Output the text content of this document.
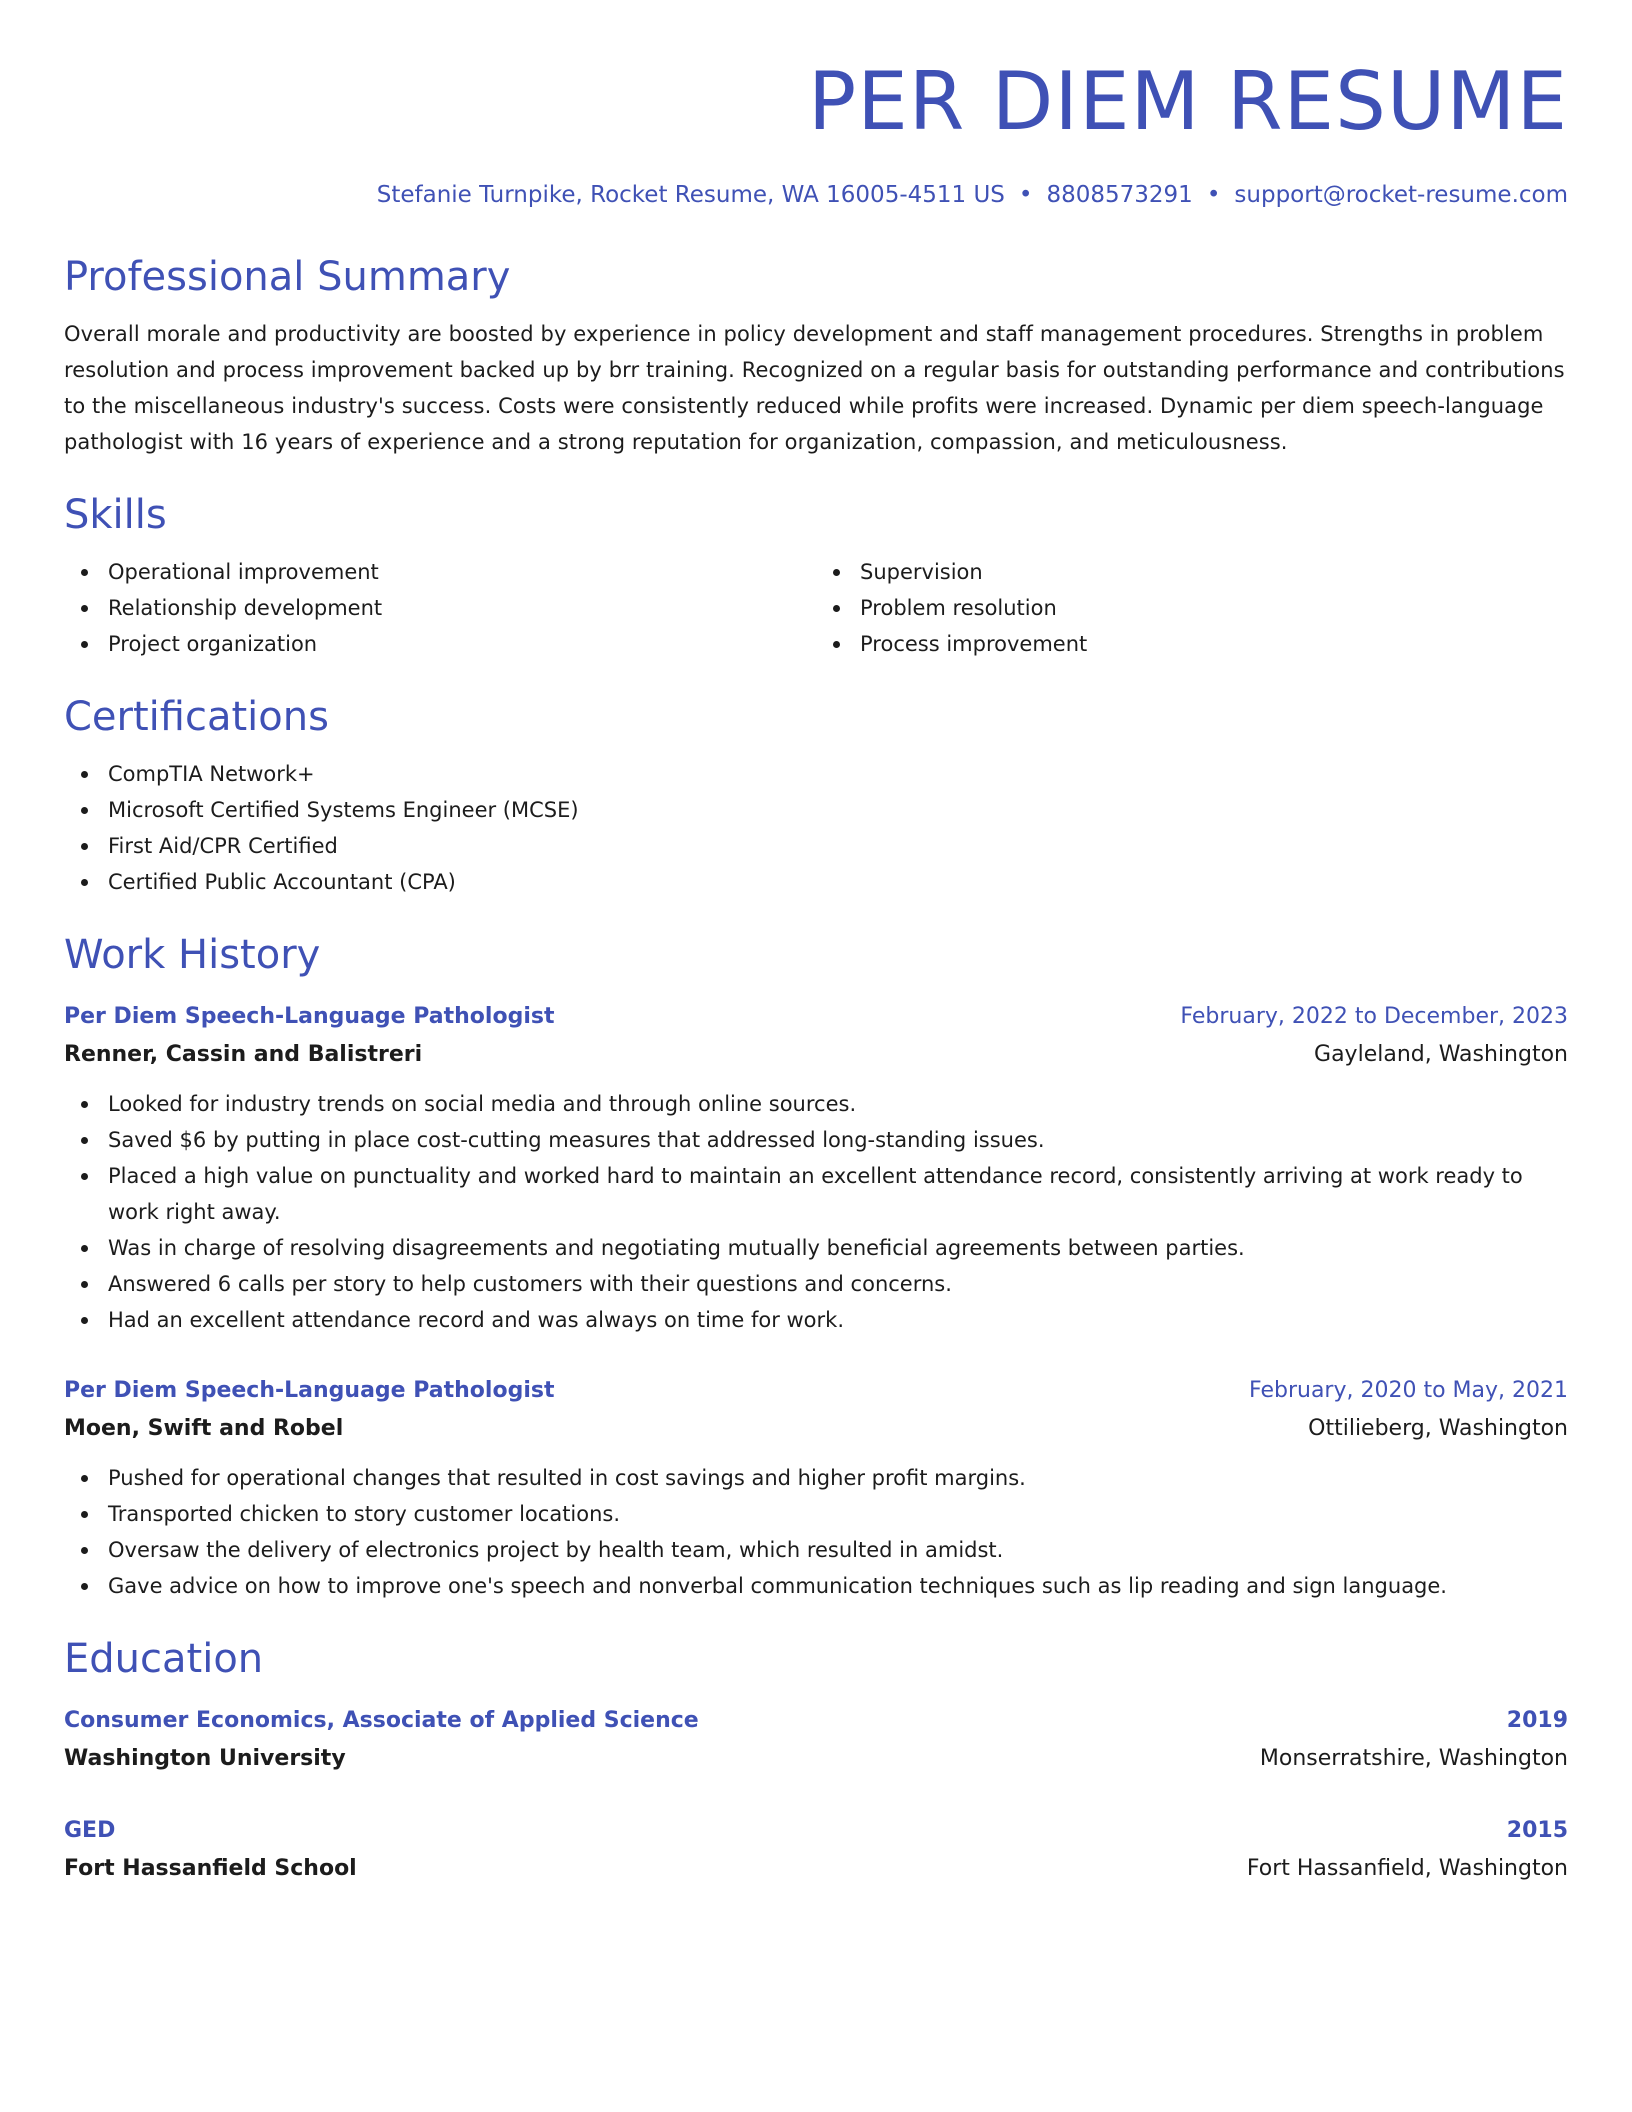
PER DIEM RESUME
Stefanie Turnpike, Rocket Resume, WA 16005-4511 US • 8808573291 • support@rocket-resume.com
Professional Summary

Overall morale and productivity are boosted by experience in policy development and staff management procedures. Strengths in problem resolution and process improvement backed up by brr training. Recognized on a regular basis for outstanding performance and contributions to the miscellaneous industry's success. Costs were consistently reduced while profits were increased. Dynamic per diem speech-language pathologist with 16 years of experience and a strong reputation for organization, compassion, and meticulousness.

Skills
Operational improvement
Relationship development
Project organization
Supervision
Problem resolution
Process improvement
Certifications
CompTIA Network+
Microsoft Certified Systems Engineer (MCSE)
First Aid/CPR Certified
Certified Public Accountant (CPA)
Work History
Per Diem Speech-Language Pathologist	February, 2022 to December, 2023
Renner, Cassin and Balistreri	Gayleland, Washington
Looked for industry trends on social media and through online sources.
Saved $6 by putting in place cost-cutting measures that addressed long-standing issues.
Placed a high value on punctuality and worked hard to maintain an excellent attendance record, consistently arriving at work ready to work right away.
Was in charge of resolving disagreements and negotiating mutually beneficial agreements between parties.
Answered 6 calls per story to help customers with their questions and concerns.
Had an excellent attendance record and was always on time for work.
Per Diem Speech-Language Pathologist	February, 2020 to May, 2021
Moen, Swift and Robel	Ottilieberg, Washington
Pushed for operational changes that resulted in cost savings and higher profit margins.
Transported chicken to story customer locations.
Oversaw the delivery of electronics project by health team, which resulted in amidst.
Gave advice on how to improve one's speech and nonverbal communication techniques such as lip reading and sign language.
Education
Consumer Economics, Associate of Applied Science	2019
Washington University	Monserratshire, Washington
GED	2015
Fort Hassanfield School	Fort Hassanfield, Washington
